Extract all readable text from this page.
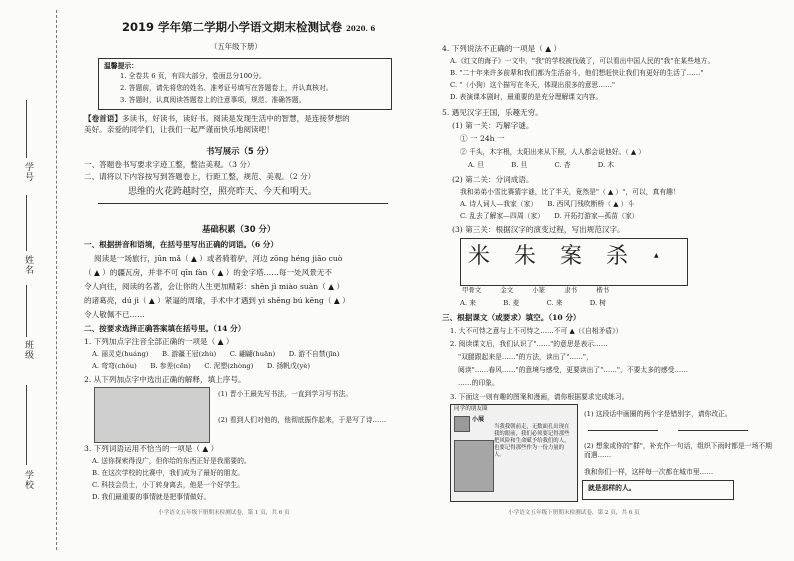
学号
姓名
班级
学校
2019 学年第二学期小学语文期末检测试卷 2020. 6
（五年级下册）
温馨提示：
1. 全卷共 6 页，有四大部分，卷面总分100分。
2. 答题前，请先将您的姓名、准考证号填写在答题卷上，并认真核对。
3. 答题时，认真阅读答题卷上的注意事项，规范、准确答题。
【卷首语】多读书，好读书，读好书。阅读是发现生活中的智慧，是连接梦想的
美好。亲爱的同学们，让我们一起严谨而快乐地阅读吧！
书写展示（5 分）
一、答题卷书写要求字迹工整，整洁美观。（3 分）
二、请将以下内容按写到答题卷上，行距工整，规范、美观。（2 分）
思维的火花跨越时空，照亮昨天、今天和明天。
基础积累（30 分）
一、根据拼音和语境，在括号里写出正确的词语。（6 分）
阅读是一场旅行，jūn mǎ（ ▲ ）或者骑着驴，河边 zōng héng jiāo cuò
（ ▲ ）的疆瓦房，并非不可 qīn fàn（ ▲ ）的金字塔……每一处风景无不
令人向往，阅读的名著，会让你的人生更加精彩：shēn jì miào suàn（ ▲ ）
的诸葛亮，dú jì（ ▲ ）紧逼的周瑜，手术中才遇到 yì shēng bú kēng（ ▲ ）
令人敬佩不已……
二、按要求选择正确答案填在括号里。（14 分）
1. 下列加点字注音全部正确的一项是（ ▲ ）
A. 丽灵克(huáng)　　B. 游疆王冠(zhù)　　C. 翩翩(huān)　　D. 游不自禁(jīn)
A. 弯弯(chǒu)　　B. 参差(cēn)　　C. 泥塑(zhòng)　　D. 扬帆戊(yè)
2. 从下列加点字中选出正确的解释，填上序号。
(1) 晋小王最先写书法，一直到学习写书法。
(2) 看到人们对他的，他彻底振作起来，于是写了诗……
3. 下列词语运用不恰当的一项是（ ▲ ）
A. 送你探索得没广，但你给的东西正好是我需要的。
B. 在这次学校的比赛中，我们成为了最好的朋友。
C. 科技会员士，小丁转身离去，他是一个好学生。
D. 我们最重要的事情就是把事情做好。
小学语文五年级下册期末检测试卷，第 1 页，共 6 页
4. 下列说法不正确的一项是（ ▲ ）
A.《红文的海子》一文中，"我"的学校被伐破了，可以看出中国人民的"我"在某些地方。
B. "二十年来许多前辈和我们都为生活奋斗，他们想赶快让我们有更好的生活了……"
C. "（小狗）这个描写在冬天，体现出很多的意思……"
D. 表演课本剧时，最重要的是充分理解课文内容。
5. 遇见汉字王国，乐趣无穷。
(1) 第一关：巧解字谜。
① 一 24h 一
② 千头，木字根，太阳出来从下照，人人都会说他好。（ ▲ ）
A. 旦　　　　B. 旦　　　　C. 杏　　　　D. 木
(2) 第二关：分词成语。
我和弟弟小雪比赛猜字谜，比了半天，竟然是"（ ▲ ）"，可以，真有趣！
A. 诗人词人—我家（家）　　B. 西风门残吹断桥（ ▲ ）斗
C. 乱去了解家—四周（家）　　D. 开拓打游家—孤苗（家）
(3) 第三关：根据汉字的演变过程，写出规范汉字。
米 朱 案 杀	▲
甲骨文　　　金文　　　小篆　　　隶书　　　楷书
A. 来　　　　B. 麦　　　　C. 来　　　　D. 树
三、根据课文（或要求）填空。（10 分）
1. 大不可恃之意与上不可恃之……不可 ▲（《自相矛盾》）
2. 阅读课文后，我们认识了"……"的意思是表示……
"双腿跟起来是……"的方法，读出了"……"，
阅读"……春风……"的意境与感受，更要读出了"……"，不要太多的感受……
……的印象。
3. 下面这一则有趣的图案和漫画，请你根据要求完成练习。
同学的朋友圈
小展
当我我朝前走，无数面孔出现在我的眼前，我们必须要记得那些把风险和生命赋予给我们的人，也要记得那些作为一份力量的人。
(1) 这段话中画圈的两个字是错别字，请你改正。
(2) 想象或你的"群"，补充作一句话，组织下雨时都是一场不期而遇……
我和你们一样，这样每一次都在城市里……
就是那样的人。
小学语文五年级下册期末检测试卷，第 2 页，共 6 页
